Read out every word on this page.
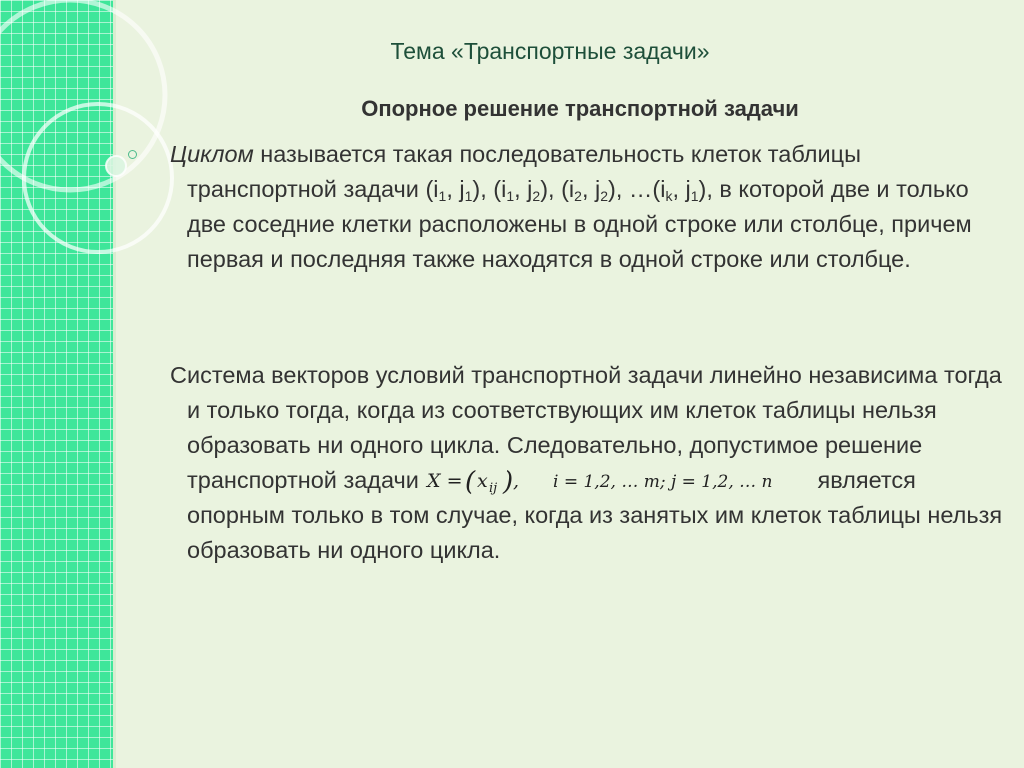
Тема «Транспортные задачи»
Опорное решение транспортной задачи
Циклом называется такая последовательность клеток таблицы транспортной задачи ($i_1$, $j_1$), ($i_1$, $j_2$), ($i_2$, $j_2$), $\dots(i_k$, $j_1$), в которой две и только две соседние клетки расположены в одной строке или столбце, причем первая и последняя также находятся в одной строке или столбце.
Система векторов условий транспортной задачи линейно независима тогда и только тогда, когда из соответствующих им клеток таблицы нельзя образовать ни одного цикла. Следовательно, допустимое решение транспортной задачи X = ( x ij ) , i = 1,2, … m; j = 1,2, … n является опорным только в том случае, когда из занятых им клеток таблицы нельзя образовать ни одного цикла.
